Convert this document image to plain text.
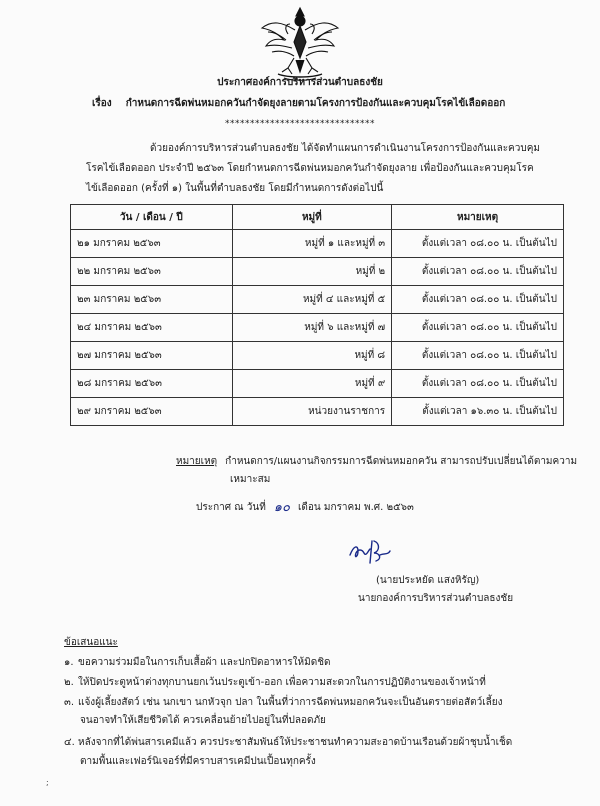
ประกาศองค์การบริหารส่วนตำบลธงชัย
เรื่อง กำหนดการฉีดพ่นหมอกควันกำจัดยุงลายตามโครงการป้องกันและควบคุมโรคไข้เลือดออก
******************************
ด้วยองค์การบริหารส่วนตำบลธงชัย ได้จัดทำแผนการดำเนินงานโครงการป้องกันและควบคุม
โรคไข้เลือดออก ประจำปี ๒๕๖๓ โดยกำหนดการฉีดพ่นหมอกควันกำจัดยุงลาย เพื่อป้องกันและควบคุมโรค
ไข้เลือดออก (ครั้งที่ ๑) ในพื้นที่ตำบลธงชัย โดยมีกำหนดการดังต่อไปนี้
วัน / เดือน / ปี	หมู่ที่	หมายเหตุ
๒๑ มกราคม ๒๕๖๓	หมู่ที่ ๑ และหมู่ที่ ๓	ตั้งแต่เวลา ๐๘.๐๐ น. เป็นต้นไป
๒๒ มกราคม ๒๕๖๓	หมู่ที่ ๒	ตั้งแต่เวลา ๐๘.๐๐ น. เป็นต้นไป
๒๓ มกราคม ๒๕๖๓	หมู่ที่ ๔ และหมู่ที่ ๕	ตั้งแต่เวลา ๐๘.๐๐ น. เป็นต้นไป
๒๔ มกราคม ๒๕๖๓	หมู่ที่ ๖ และหมู่ที่ ๗	ตั้งแต่เวลา ๐๘.๐๐ น. เป็นต้นไป
๒๗ มกราคม ๒๕๖๓	หมู่ที่ ๘	ตั้งแต่เวลา ๐๘.๐๐ น. เป็นต้นไป
๒๘ มกราคม ๒๕๖๓	หมู่ที่ ๙	ตั้งแต่เวลา ๐๘.๐๐ น. เป็นต้นไป
๒๙ มกราคม ๒๕๖๓	หน่วยงานราชการ	ตั้งแต่เวลา ๑๖.๓๐ น. เป็นต้นไป
หมายเหตุ กำหนดการ/แผนงานกิจกรรมการฉีดพ่นหมอกควัน สามารถปรับเปลี่ยนได้ตามความ
เหมาะสม
ประกาศ ณ วันที่ ๑๐ เดือน มกราคม พ.ศ. ๒๕๖๓
(นายประหยัด แสงหิรัญ)
นายกองค์การบริหารส่วนตำบลธงชัย
ข้อเสนอแนะ
๑. ขอความร่วมมือในการเก็บเสื้อผ้า และปกปิดอาหารให้มิดชิด
๒. ให้ปิดประตูหน้าต่างทุกบานยกเว้นประตูเข้า-ออก เพื่อความสะดวกในการปฏิบัติงานของเจ้าหน้าที่
๓. แจ้งผู้เลี้ยงสัตว์ เช่น นกเขา นกหัวจุก ปลา ในพื้นที่ว่าการฉีดพ่นหมอกควันจะเป็นอันตรายต่อสัตว์เลี้ยง
จนอาจทำให้เสียชีวิตได้ ควรเคลื่อนย้ายไปอยู่ในที่ปลอดภัย
๔. หลังจากที่ได้พ่นสารเคมีแล้ว ควรประชาสัมพันธ์ให้ประชาชนทำความสะอาดบ้านเรือนด้วยผ้าชุบน้ำเช็ด
ตามพื้นและเฟอร์นิเจอร์ที่มีคราบสารเคมีปนเปื้อนทุกครั้ง
;
